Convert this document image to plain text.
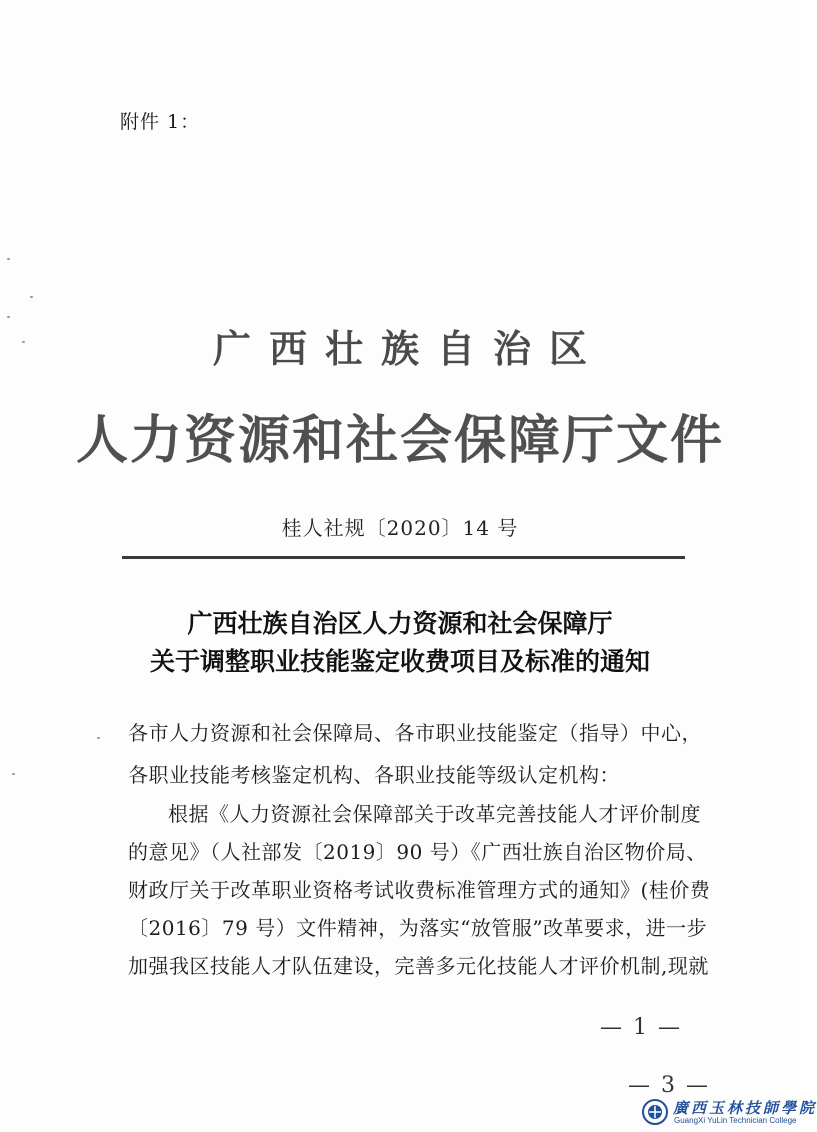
附件 1：
广西壮族自治区
人力资源和社会保障厅文件
桂人社规〔2020〕14 号
广西壮族自治区人力资源和社会保障厅
关于调整职业技能鉴定收费项目及标准的通知
各市人力资源和社会保障局、各市职业技能鉴定（指导）中心，
各职业技能考核鉴定机构、各职业技能等级认定机构：
根据《人力资源社会保障部关于改革完善技能人才评价制度
的意见》（人社部发〔2019〕90 号）《广西壮族自治区物价局、
财政厅关于改革职业资格考试收费标准管理方式的通知》(桂价费
〔2016〕79 号）文件精神，为落实“放管服”改革要求，进一步
加强我区技能人才队伍建设，完善多元化技能人才评价机制,现就
— 1 —
— 3 —
廣西玉林技師學院
GuangXi YuLin Technician College
